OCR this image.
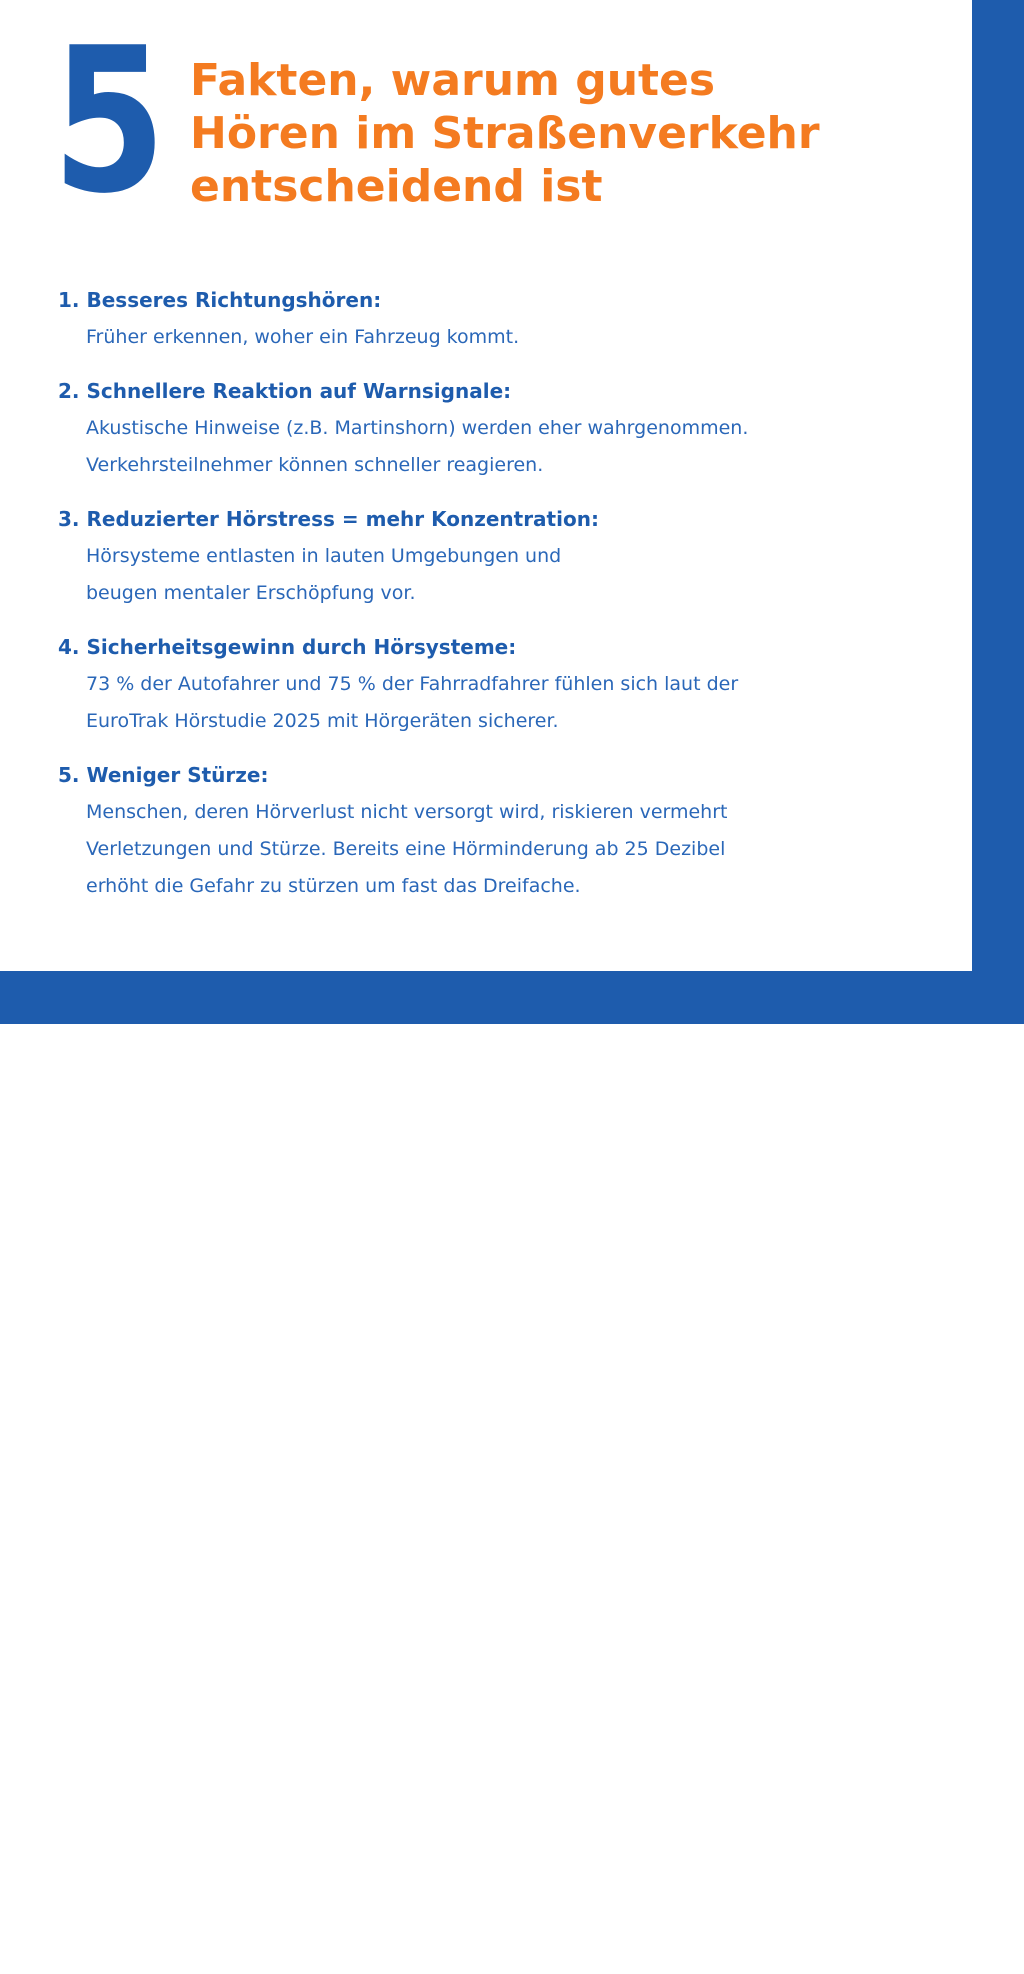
Quelle: Bundesverband der Hörsysteme e.V. (BVHI)
5 Fakten, warum gutes
Hören im Straßenverkehr
entscheidend ist
1. Besseres Richtungshören:
Früher erkennen, woher ein Fahrzeug kommt.
2. Schnellere Reaktion auf Warnsignale:
Akustische Hinweise (z.B. Martinshorn) werden eher wahrgenommen.
Verkehrsteilnehmer können schneller reagieren.
3. Reduzierter Hörstress = mehr Konzentration:
Hörsysteme entlasten in lauten Umgebungen und
beugen mentaler Erschöpfung vor.
4. Sicherheitsgewinn durch Hörsysteme:
73 % der Autofahrer und 75 % der Fahrradfahrer fühlen sich laut der
EuroTrak Hörstudie 2025 mit Hörgeräten sicherer.
5. Weniger Stürze:
Menschen, deren Hörverlust nicht versorgt wird, riskieren vermehrt
Verletzungen und Stürze. Bereits eine Hörminderung ab 25 Dezibel
erhöht die Gefahr zu stürzen um fast das Dreifache.
